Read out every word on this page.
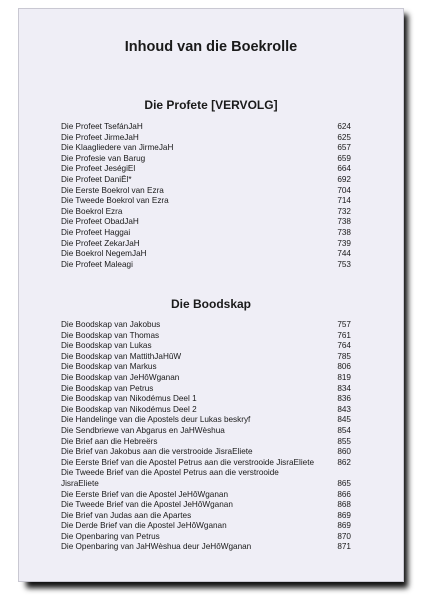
Inhoud van die Boekrolle
Die Profete [VERVOLG]
Die Profeet TsefánJaH	624
Die Profeet JirmeJaH	625
Die Klaagliedere van JirmeJaH	657
Die Profesie van Barug	659
Die Profeet JeségiEl	664
Die Profeet DaniËl*	692
Die Eerste Boekrol van Ezra	704
Die Tweede Boekrol van Ezra	714
Die Boekrol Ezra	732
Die Profeet ObadJaH	738
Die Profeet Haggai	738
Die Profeet ZekarJaH	739
Die Boekrol NegemJaH	744
Die Profeet Maleagi	753
Die Boodskap
Die Boodskap van Jakobus	757
Die Boodskap van Thomas	761
Die Boodskap van Lukas	764
Die Boodskap van MattithJaHûW	785
Die Boodskap van Markus	806
Die Boodskap van JeHôWganan	819
Die Boodskap van Petrus	834
Die Boodskap van Nikodémus Deel 1	836
Die Boodskap van Nikodémus Deel 2	843
Die Handelinge van die Apostels deur Lukas beskryf	845
Die Sendbriewe van Abgarus en JaHWèshua	854
Die Brief aan die Hebreërs	855
Die Brief van Jakobus aan die verstrooide JisraEliete	860
Die Eerste Brief van die Apostel Petrus aan die verstrooide JisraEliete	862
Die Tweede Brief van die Apostel Petrus aan die verstrooide JisraEliete	865
Die Eerste Brief van die Apostel JeHôWganan	866
Die Tweede Brief van die Apostel JeHôWganan	868
Die Brief van Judas aan die Apartes	869
Die Derde Brief van die Apostel JeHôWganan	869
Die Openbaring van Petrus	870
Die Openbaring van JaHWèshua deur JeHôWganan	871
